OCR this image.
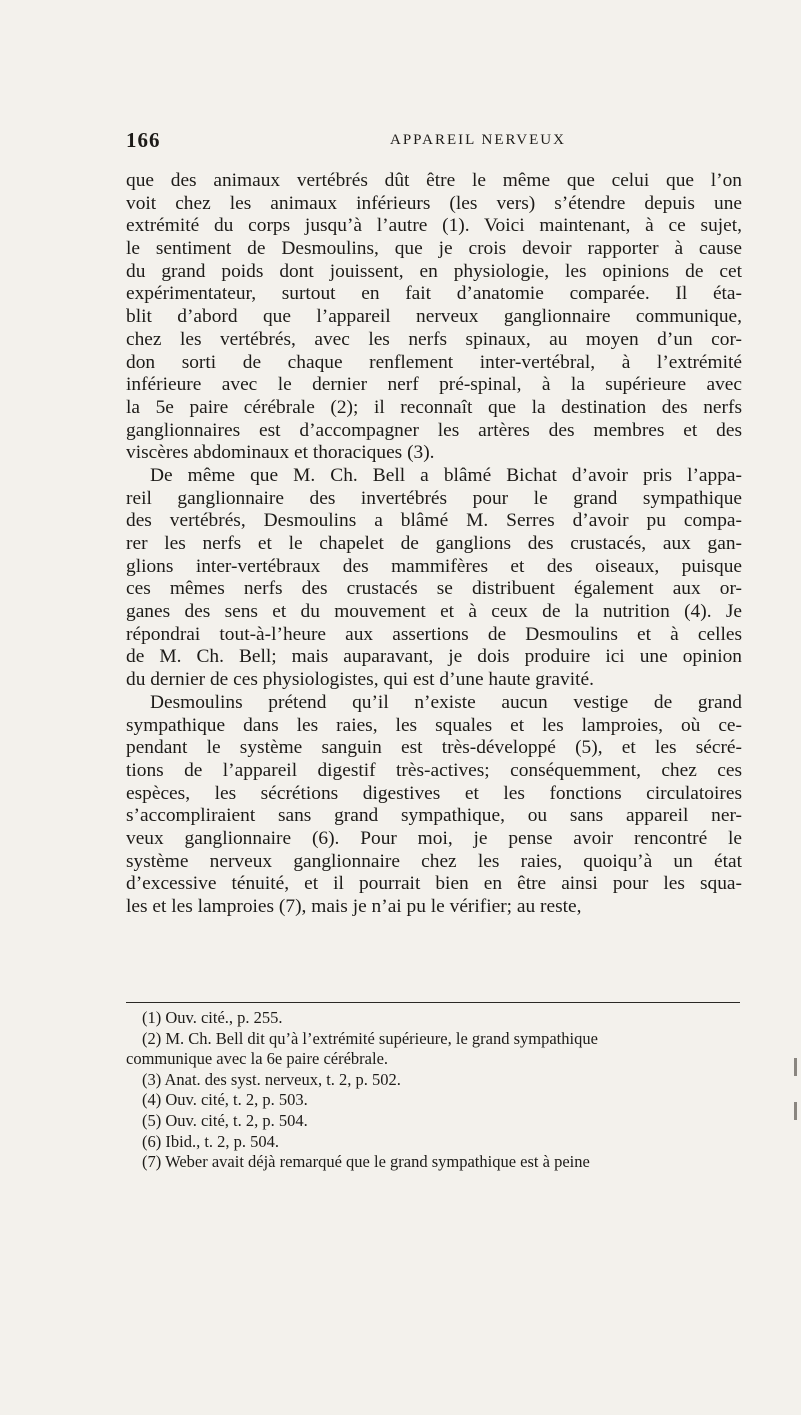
166	APPAREIL NERVEUX
que des animaux vertébrés dût être le même que celui que l’on
voit chez les animaux inférieurs (les vers) s’étendre depuis une
extrémité du corps jusqu’à l’autre (1). Voici maintenant, à ce sujet,
le sentiment de Desmoulins, que je crois devoir rapporter à cause
du grand poids dont jouissent, en physiologie, les opinions de cet
expérimentateur, surtout en fait d’anatomie comparée. Il éta-
blit d’abord que l’appareil nerveux ganglionnaire communique,
chez les vertébrés, avec les nerfs spinaux, au moyen d’un cor-
don sorti de chaque renflement inter-vertébral, à l’extrémité
inférieure avec le dernier nerf pré-spinal, à la supérieure avec
la 5e paire cérébrale (2); il reconnaît que la destination des nerfs
ganglionnaires est d’accompagner les artères des membres et des
viscères abdominaux et thoraciques (3).
De même que M. Ch. Bell a blâmé Bichat d’avoir pris l’appa-
reil ganglionnaire des invertébrés pour le grand sympathique
des vertébrés, Desmoulins a blâmé M. Serres d’avoir pu compa-
rer les nerfs et le chapelet de ganglions des crustacés, aux gan-
glions inter-vertébraux des mammifères et des oiseaux, puisque
ces mêmes nerfs des crustacés se distribuent également aux or-
ganes des sens et du mouvement et à ceux de la nutrition (4). Je
répondrai tout-à-l’heure aux assertions de Desmoulins et à celles
de M. Ch. Bell; mais auparavant, je dois produire ici une opinion
du dernier de ces physiologistes, qui est d’une haute gravité.
Desmoulins prétend qu’il n’existe aucun vestige de grand
sympathique dans les raies, les squales et les lamproies, où ce-
pendant le système sanguin est très-développé (5), et les sécré-
tions de l’appareil digestif très-actives; conséquemment, chez ces
espèces, les sécrétions digestives et les fonctions circulatoires
s’accompliraient sans grand sympathique, ou sans appareil ner-
veux ganglionnaire (6). Pour moi, je pense avoir rencontré le
système nerveux ganglionnaire chez les raies, quoiqu’à un état
d’excessive ténuité, et il pourrait bien en être ainsi pour les squa-
les et les lamproies (7), mais je n’ai pu le vérifier; au reste,
(1) Ouv. cité., p. 255.
(2) M. Ch. Bell dit qu’à l’extrémité supérieure, le grand sympathique
communique avec la 6e paire cérébrale.
(3) Anat. des syst. nerveux, t. 2, p. 502.
(4) Ouv. cité, t. 2, p. 503.
(5) Ouv. cité, t. 2, p. 504.
(6) Ibid., t. 2, p. 504.
(7) Weber avait déjà remarqué que le grand sympathique est à peine
